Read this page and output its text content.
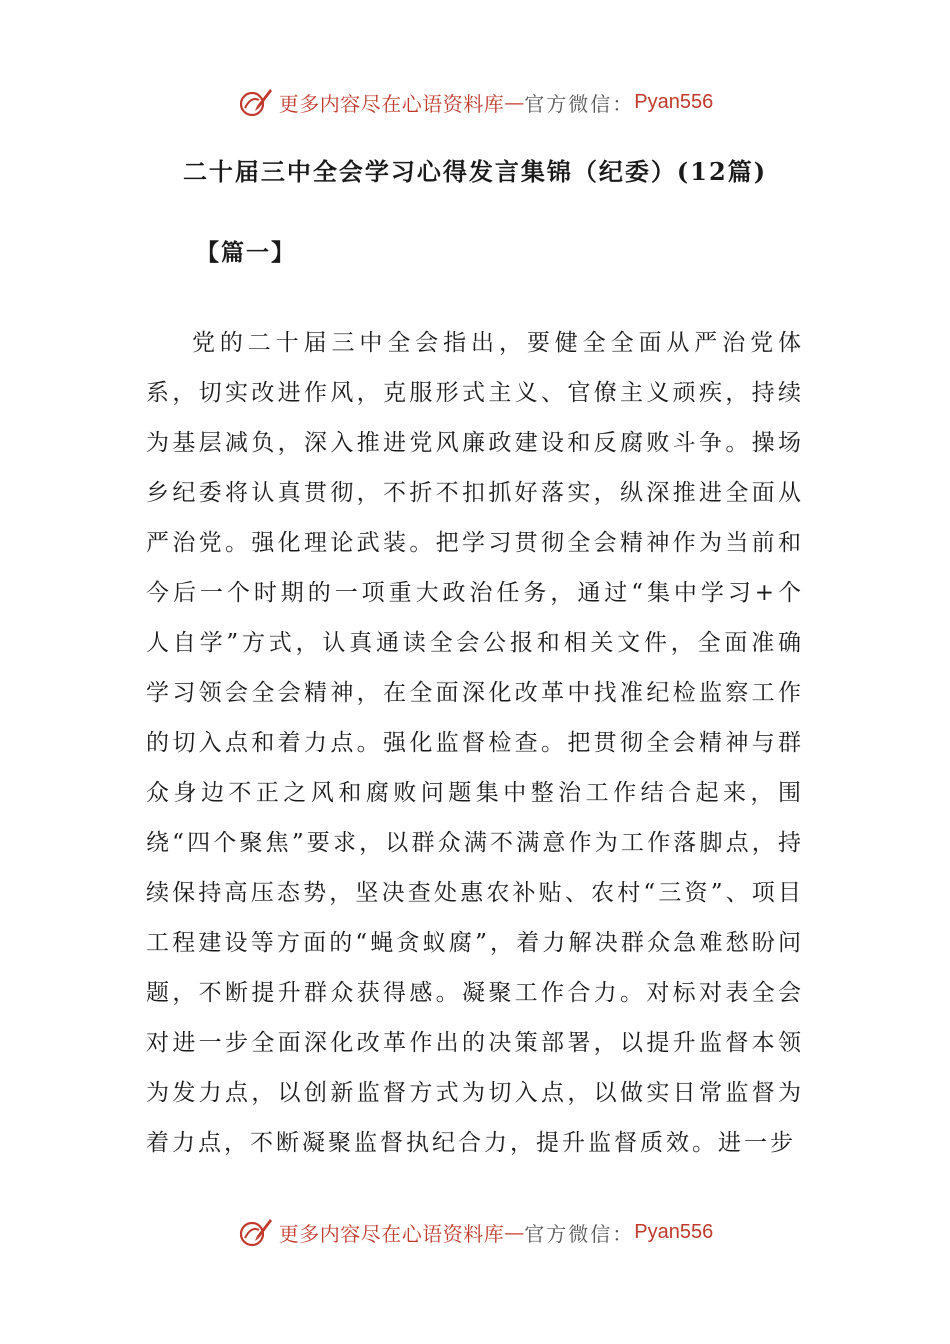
更多内容尽在心语资料库 — 官方微信： Pyan556
二十届三中全会学习心得发言集锦（纪委）(12篇)

【篇一】

党的二十届三中全会指出，要健全全面从严治党体系，切实改进作风，克服形式主义、官僚主义顽疾，持续为基层减负，深入推进党风廉政建设和反腐败斗争。操场乡纪委将认真贯彻，不折不扣抓好落实，纵深推进全面从严治党。强化理论武装。把学习贯彻全会精神作为当前和今后一个时期的一项重大政治任务，通过“集中学习+个人自学”方式，认真通读全会公报和相关文件，全面准确学习领会全会精神，在全面深化改革中找准纪检监察工作的切入点和着力点。强化监督检查。把贯彻全会精神与群众身边不正之风和腐败问题集中整治工作结合起来，围绕“四个聚焦”要求，以群众满不满意作为工作落脚点，持续保持高压态势，坚决查处惠农补贴、农村“三资”、项目工程建设等方面的“蝇贪蚁腐”，着力解决群众急难愁盼问题，不断提升群众获得感。凝聚工作合力。对标对表全会对进一步全面深化改革作出的决策部署，以提升监督本领为发力点，以创新监督方式为切入点，以做实日常监督为着力点，不断凝聚监督执纪合力，提升监督质效。进一步

更多内容尽在心语资料库 — 官方微信： Pyan556
